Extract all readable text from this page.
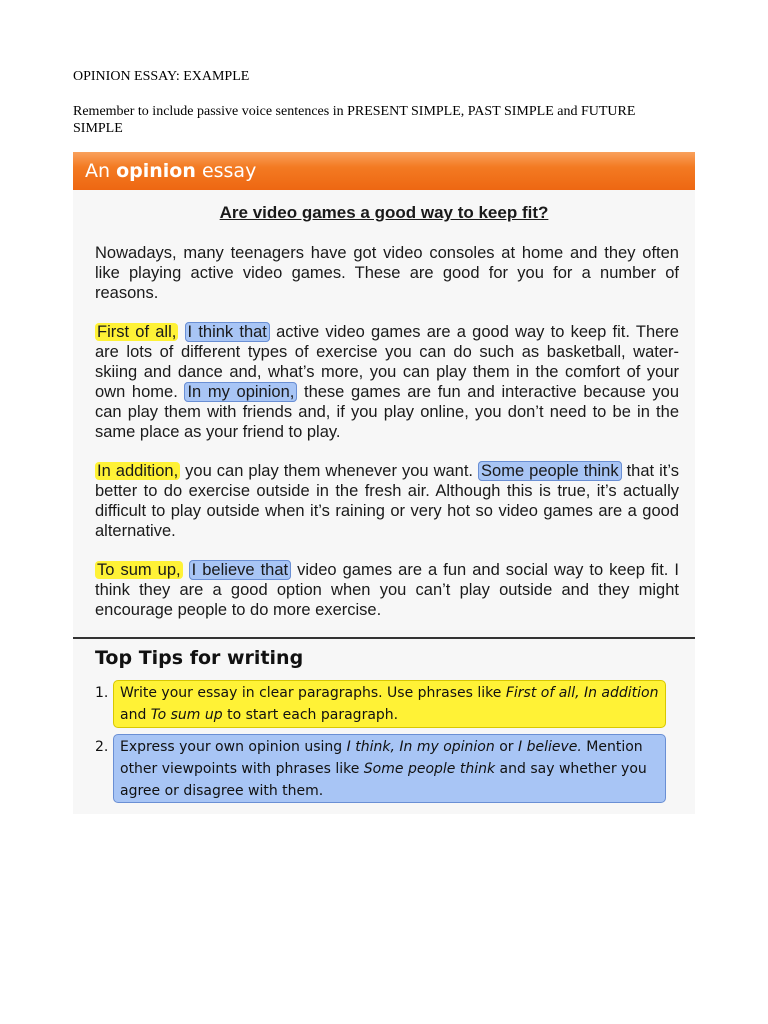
OPINION ESSAY: EXAMPLE
Remember to include passive voice sentences in PRESENT SIMPLE, PAST SIMPLE and FUTURE SIMPLE
An opinion essay
Are video games a good way to keep fit?
Nowadays, many teenagers have got video consoles at home and they often like playing active video games. These are good for you for a number of reasons.
First of all, I think that active video games are a good way to keep fit. There are lots of different types of exercise you can do such as basketball, water-skiing and dance and, what’s more, you can play them in the comfort of your own home. In my opinion, these games are fun and interactive because you can play them with friends and, if you play online, you don’t need to be in the same place as your friend to play.
In addition, you can play them whenever you want. Some people think that it’s better to do exercise outside in the fresh air. Although this is true, it’s actually difficult to play outside when it’s raining or very hot so video games are a good alternative.
To sum up, I believe that video games are a fun and social way to keep fit. I think they are a good option when you can’t play outside and they might encourage people to do more exercise.
Top Tips for writing
1. Write your essay in clear paragraphs. Use phrases like First of all, In addition and To sum up to start each paragraph.
2. Express your own opinion using I think, In my opinion or I believe. Mention other viewpoints with phrases like Some people think and say whether you agree or disagree with them.
